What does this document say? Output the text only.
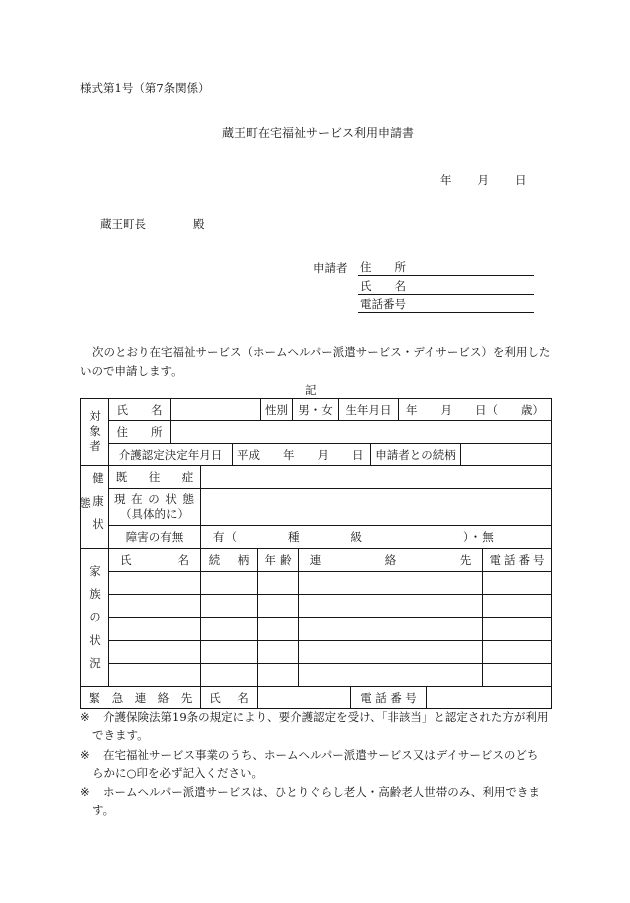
様式第1号（第7条関係）
蔵王町在宅福祉サービス利用申請書
年　　月　　日
蔵王町長	殿
申請者 住　　所
氏　　名
電話番号
次のとおり在宅福祉サービス（ホームヘルパー派遣サービス・デイサービス）を利用した
いので申請します。
記
対象者	氏　　名	性別 男・女	生年月日	年　　月　　日（　　歳）
住　　所
介護認定決定年月日	平成　　年　　月　　日	申請者との続柄
健康状態
既　往　症
現 在 の 状 態
（具体的に）
障害の有無	有（　　　　種　　　　級　　　　　　　　）・無
家族の状況
氏　　　　名	続　柄	年齢	連　　　　　絡　　　　　先	電話番号
緊　急　連　絡　先	氏　名	電話番号
※ 介護保険法第19条の規定により、要介護認定を受け、「非該当」と認定された方が利用
できます。
※ 在宅福祉サービス事業のうち、ホームヘルパー派遣サービス又はデイサービスのどち
らかに○印を必ず記入ください。
※ ホームヘルパー派遣サービスは、ひとりぐらし老人・高齢老人世帯のみ、利用できま
す。
